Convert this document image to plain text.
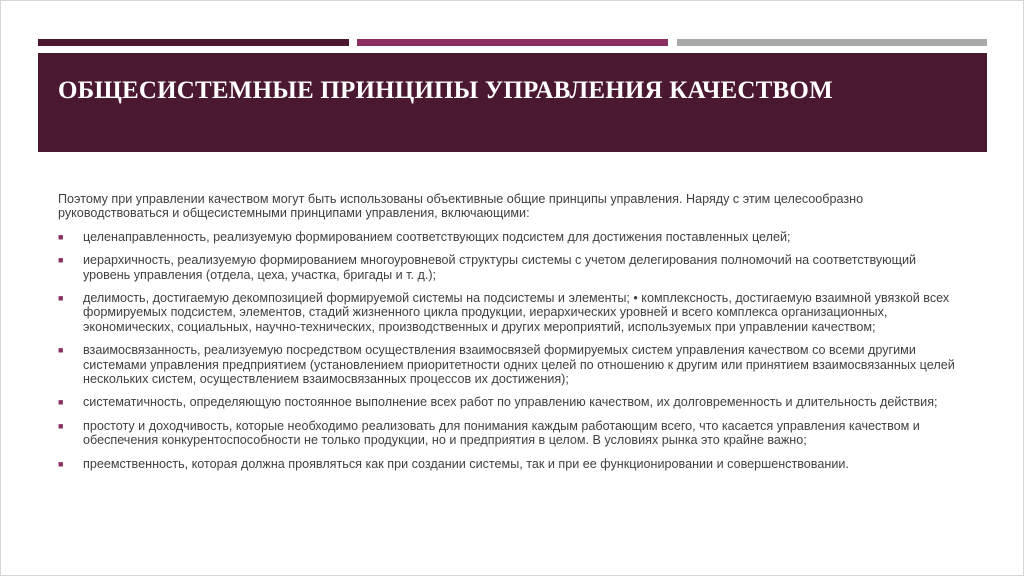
ОБЩЕСИСТЕМНЫЕ ПРИНЦИПЫ УПРАВЛЕНИЯ КАЧЕСТВОМ

Поэтому при управлении качеством могут быть использованы объективные общие принципы управления. Наряду с этим целесообразно руководствоваться и общесистемными принципами управления, включающими:

■ целенаправленность, реализуемую формированием соответствующих подсистем для достижения поставленных целей;
■ иерархичность, реализуемую формированием многоуровневой структуры системы с учетом делегирования полномочий на соответствующий уровень управления (отдела, цеха, участка, бригады и т. д.);
■ делимость, достигаемую декомпозицией формируемой системы на подсистемы и элементы; • комплексность, достигаемую взаимной увязкой всех формируемых подсистем, элементов, стадий жизненного цикла продукции, иерархических уровней и всего комплекса организационных, экономических, социальных, научно-технических, производственных и других мероприятий, используемых при управлении качеством;
■ взаимосвязанность, реализуемую посредством осуществления взаимосвязей формируемых систем управления качеством со всеми другими системами управления предприятием (установлением приоритетности одних целей по отношению к другим или принятием взаимосвязанных целей нескольких систем, осуществлением взаимосвязанных процессов их достижения);
■ систематичность, определяющую постоянное выполнение всех работ по управлению качеством, их долговременность и длительность действия;
■ простоту и доходчивость, которые необходимо реализовать для понимания каждым работающим всего, что касается управления качеством и обеспечения конкурентоспособности не только продукции, но и предприятия в целом. В условиях рынка это крайне важно;
■ преемственность, которая должна проявляться как при создании системы, так и при ее функционировании и совершенствовании.
